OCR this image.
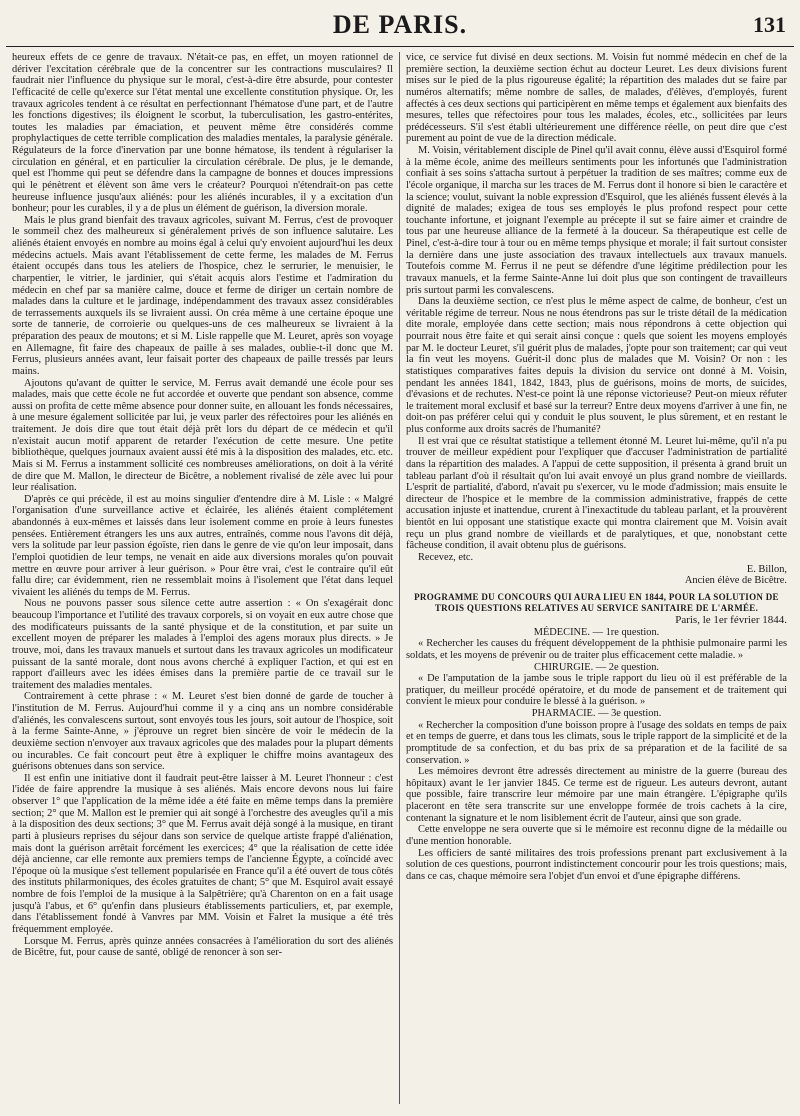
DE PARIS.	131

heureux effets de ce genre de travaux. N'était-ce pas, en effet, un moyen rationnel de dériver l'excitation cérébrale que de la concentrer sur les contractions musculaires? Il faudrait nier l'influence du physique sur le moral, c'est-à-dire être absurde, pour contester l'efficacité de celle qu'exerce sur l'état mental une excellente constitution physique. Or, les travaux agricoles tendent à ce résultat en perfectionnant l'hématose d'une part, et de l'autre les fonctions digestives; ils éloignent le scorbut, la tuberculisation, les gastro-entérites, toutes les maladies par émaciation, et peuvent même être considérés comme prophylactiques de cette terrible complication des maladies mentales, la paralysie générale. Régulateurs de la force d'inervation par une bonne hématose, ils tendent à régulariser la circulation en général, et en particulier la circulation cérébrale. De plus, je le demande, quel est l'homme qui peut se défendre dans la campagne de bonnes et douces impressions qui le pénètrent et élèvent son âme vers le créateur? Pourquoi n'étendrait-on pas cette heureuse influence jusqu'aux aliénés: pour les aliénés incurables, il y a excitation d'un bonheur; pour les curables, il y a de plus un élément de guérison, la diversion morale.

Mais le plus grand bienfait des travaux agricoles, suivant M. Ferrus, c'est de provoquer le sommeil chez des malheureux si généralement privés de son influence salutaire. Les aliénés étaient envoyés en nombre au moins égal à celui qu'y envoient aujourd'hui les deux médecins actuels. Mais avant l'établissement de cette ferme, les malades de M. Ferrus étaient occupés dans tous les ateliers de l'hospice, chez le serrurier, le menuisier, le charpentier, le vitrier, le jardinier, qui s'était acquis alors l'estime et l'admiration du médecin en chef par sa manière calme, douce et ferme de diriger un certain nombre de malades dans la culture et le jardinage, indépendamment des travaux assez considérables de terrassements auxquels ils se livraient aussi. On créa même à une certaine époque une sorte de tannerie, de corroierie ou quelques-uns de ces malheureux se livraient à la préparation des peaux de moutons; et si M. Lisle rappelle que M. Leuret, après son voyage en Allemagne, fit faire des chapeaux de paille à ses malades, oublie-t-il donc que M. Ferrus, plusieurs années avant, leur faisait porter des chapeaux de paille tressés par leurs mains.

Ajoutons qu'avant de quitter le service, M. Ferrus avait demandé une école pour ses malades, mais que cette école ne fut accordée et ouverte que pendant son absence, comme aussi on profita de cette même absence pour donner suite, en allouant les fonds nécessaires, à une mesure également sollicitée par lui, je veux parler des réfectoires pour les aliénés en traitement. Je dois dire que tout était déjà prêt lors du départ de ce médecin et qu'il n'existait aucun motif apparent de retarder l'exécution de cette mesure. Une petite bibliothèque, quelques journaux avaient aussi été mis à la disposition des malades, etc. etc. Mais si M. Ferrus a instamment sollicité ces nombreuses améliorations, on doit à la vérité de dire que M. Mallon, le directeur de Bicêtre, a noblement rivalisé de zèle avec lui pour leur réalisation.

D'après ce qui précède, il est au moins singulier d'entendre dire à M. Lisle : « Malgré l'organisation d'une surveillance active et éclairée, les aliénés étaient complétement abandonnés à eux-mêmes et laissés dans leur isolement comme en proie à leurs funestes pensées. Entièrement étrangers les uns aux autres, entraînés, comme nous l'avons dit déjà, vers la solitude par leur passion égoïste, rien dans le genre de vie qu'on leur imposait, dans l'emploi quotidien de leur temps, ne venait en aide aux diversions morales qu'on pouvait mettre en œuvre pour arriver à leur guérison. » Pour être vrai, c'est le contraire qu'il eût fallu dire; car évidemment, rien ne ressemblait moins à l'isolement que l'état dans lequel vivaient les aliénés du temps de M. Ferrus.

Nous ne pouvons passer sous silence cette autre assertion : « On s'exagérait donc beaucoup l'importance et l'utilité des travaux corporels, si on voyait en eux autre chose que des modificateurs puissants de la santé physique et de la constitution, et par suite un excellent moyen de préparer les malades à l'emploi des agens moraux plus directs. » Je trouve, moi, dans les travaux manuels et surtout dans les travaux agricoles un modificateur puissant de la santé morale, dont nous avons cherché à expliquer l'action, et qui est en rapport d'ailleurs avec les idées émises dans la première partie de ce travail sur le traitement des maladies mentales.

Contrairement à cette phrase : « M. Leuret s'est bien donné de garde de toucher à l'institution de M. Ferrus. Aujourd'hui comme il y a cinq ans un nombre considérable d'aliénés, les convalescens surtout, sont envoyés tous les jours, soit autour de l'hospice, soit à la ferme Sainte-Anne, » j'éprouve un regret bien sincère de voir le médecin de la deuxième section n'envoyer aux travaux agricoles que des malades pour la plupart déments ou incurables. Ce fait concourt peut être à expliquer le chiffre moins avantageux des guérisons obtenues dans son service.

Il est enfin une initiative dont il faudrait peut-être laisser à M. Leuret l'honneur : c'est l'idée de faire apprendre la musique à ses aliénés. Mais encore devons nous lui faire observer 1° que l'application de la même idée a été faite en même temps dans la première section; 2° que M. Mallon est le premier qui ait songé à l'orchestre des aveugles qu'il a mis à la disposition des deux sections; 3° que M. Ferrus avait déjà songé à la musique, en tirant parti à plusieurs reprises du séjour dans son service de quelque artiste frappé d'aliénation, mais dont la guérison arrêtait forcément les exercices; 4° que la réalisation de cette idée déjà ancienne, car elle remonte aux premiers temps de l'ancienne Égypte, a coïncidé avec l'époque où la musique s'est tellement popularisée en France qu'il a été ouvert de tous côtés des instituts philarmoniques, des écoles gratuites de chant; 5° que M. Esquirol avait essayé nombre de fois l'emploi de la musique à la Salpêtrière; qu'à Charenton on en a fait usage jusqu'à l'abus, et 6° qu'enfin dans plusieurs établissements particuliers, et, par exemple, dans l'établissement fondé à Vanvres par MM. Voisin et Falret la musique a été très fréquemment employée.

Lorsque M. Ferrus, après quinze années consacrées à l'amélioration du sort des aliénés de Bicêtre, fut, pour cause de santé, obligé de renoncer à son ser-

vice, ce service fut divisé en deux sections. M. Voisin fut nommé médecin en chef de la première section, la deuxième section échut au docteur Leuret. Les deux divisions furent mises sur le pied de la plus rigoureuse égalité; la répartition des malades dut se faire par numéros alternatifs; même nombre de salles, de malades, d'élèves, d'employés, furent affectés à ces deux sections qui participèrent en même temps et également aux bienfaits des mesures, telles que réfectoires pour tous les malades, écoles, etc., sollicitées par leurs prédécesseurs. S'il s'est établi ultérieurement une différence réelle, on peut dire que c'est purement au point de vue de la direction médicale.

M. Voisin, véritablement disciple de Pinel qu'il avait connu, élève aussi d'Esquirol formé à la même école, anime des meilleurs sentiments pour les infortunés que l'administration confiait à ses soins s'attacha surtout à perpétuer la tradition de ses maîtres; comme eux de l'école organique, il marcha sur les traces de M. Ferrus dont il honore si bien le caractère et la science; voulut, suivant la noble expression d'Esquirol, que les aliénés fussent élevés à la dignité de malades; exigea de tous ses employés le plus profond respect pour cette touchante infortune, et joignant l'exemple au précepte il sut se faire aimer et craindre de tous par une heureuse alliance de la fermeté à la douceur. Sa thérapeutique est celle de Pinel, c'est-à-dire tour à tour ou en même temps physique et morale; il fait surtout consister la dernière dans une juste association des travaux intellectuels aux travaux manuels. Toutefois comme M. Ferrus il ne peut se défendre d'une légitime prédilection pour les travaux manuels, et la ferme Sainte-Anne lui doit plus que son contingent de travailleurs pris surtout parmi les convalescens.

Dans la deuxième section, ce n'est plus le même aspect de calme, de bonheur, c'est un véritable régime de terreur. Nous ne nous étendrons pas sur le triste détail de la médication dite morale, employée dans cette section; mais nous répondrons à cette objection qui pourrait nous être faite et qui serait ainsi conçue : quels que soient les moyens employés par M. le docteur Leuret, s'il guérit plus de malades, j'opte pour son traitement; car qui veut la fin veut les moyens. Guérit-il donc plus de malades que M. Voisin? Or non : les statistiques comparatives faites depuis la division du service ont donné à M. Voisin, pendant les années 1841, 1842, 1843, plus de guérisons, moins de morts, de suicides, d'évasions et de rechutes. N'est-ce point là une réponse victorieuse? Peut-on mieux réfuter le traitement moral exclusif et basé sur la terreur? Entre deux moyens d'arriver à une fin, ne doit-on pas préférer celui qui y conduit le plus souvent, le plus sûrement, et en restant le plus conforme aux droits sacrés de l'humanité?

Il est vrai que ce résultat statistique a tellement étonné M. Leuret lui-même, qu'il n'a pu trouver de meilleur expédient pour l'expliquer que d'accuser l'administration de partialité dans la répartition des malades. A l'appui de cette supposition, il présenta à grand bruit un tableau parlant d'où il résultait qu'on lui avait envoyé un plus grand nombre de vieillards. L'esprit de partialité, d'abord, n'avait pu s'exercer, vu le mode d'admission; mais ensuite le directeur de l'hospice et le membre de la commission administrative, frappés de cette accusation injuste et inattendue, crurent à l'inexactitude du tableau parlant, et la prouvèrent bientôt en lui opposant une statistique exacte qui montra clairement que M. Voisin avait reçu un plus grand nombre de vieillards et de paralytiques, et que, nonobstant cette fâcheuse condition, il avait obtenu plus de guérisons.

Recevez, etc.

E. Billon,

Ancien élève de Bicêtre.

PROGRAMME DU CONCOURS QUI AURA LIEU EN 1844, POUR LA SOLUTION DE TROIS QUESTIONS RELATIVES AU SERVICE SANITAIRE DE L'ARMÉE.

Paris, le 1er février 1844.

MÉDECINE. — 1re question.

« Rechercher les causes du fréquent développement de la phthisie pulmonaire parmi les soldats, et les moyens de prévenir ou de traiter plus efficacement cette maladie. »

CHIRURGIE. — 2e question.

« De l'amputation de la jambe sous le triple rapport du lieu où il est préférable de la pratiquer, du meilleur procédé opératoire, et du mode de pansement et de traitement qui convient le mieux pour conduire le blessé à la guérison. »

PHARMACIE. — 3e question.

« Rechercher la composition d'une boisson propre à l'usage des soldats en temps de paix et en temps de guerre, et dans tous les climats, sous le triple rapport de la simplicité et de la promptitude de sa confection, et du bas prix de sa préparation et de la facilité de sa conservation. »

Les mémoires devront être adressés directement au ministre de la guerre (bureau des hôpitaux) avant le 1er janvier 1845. Ce terme est de rigueur. Les auteurs devront, autant que possible, faire transcrire leur mémoire par une main étrangère. L'épigraphe qu'ils placeront en tête sera transcrite sur une enveloppe formée de trois cachets à la cire, contenant la signature et le nom lisiblement écrit de l'auteur, ainsi que son grade.

Cette enveloppe ne sera ouverte que si le mémoire est reconnu digne de la médaille ou d'une mention honorable.

Les officiers de santé militaires des trois professions prenant part exclusivement à la solution de ces questions, pourront indistinctement concourir pour les trois questions; mais, dans ce cas, chaque mémoire sera l'objet d'un envoi et d'une épigraphe différens.
